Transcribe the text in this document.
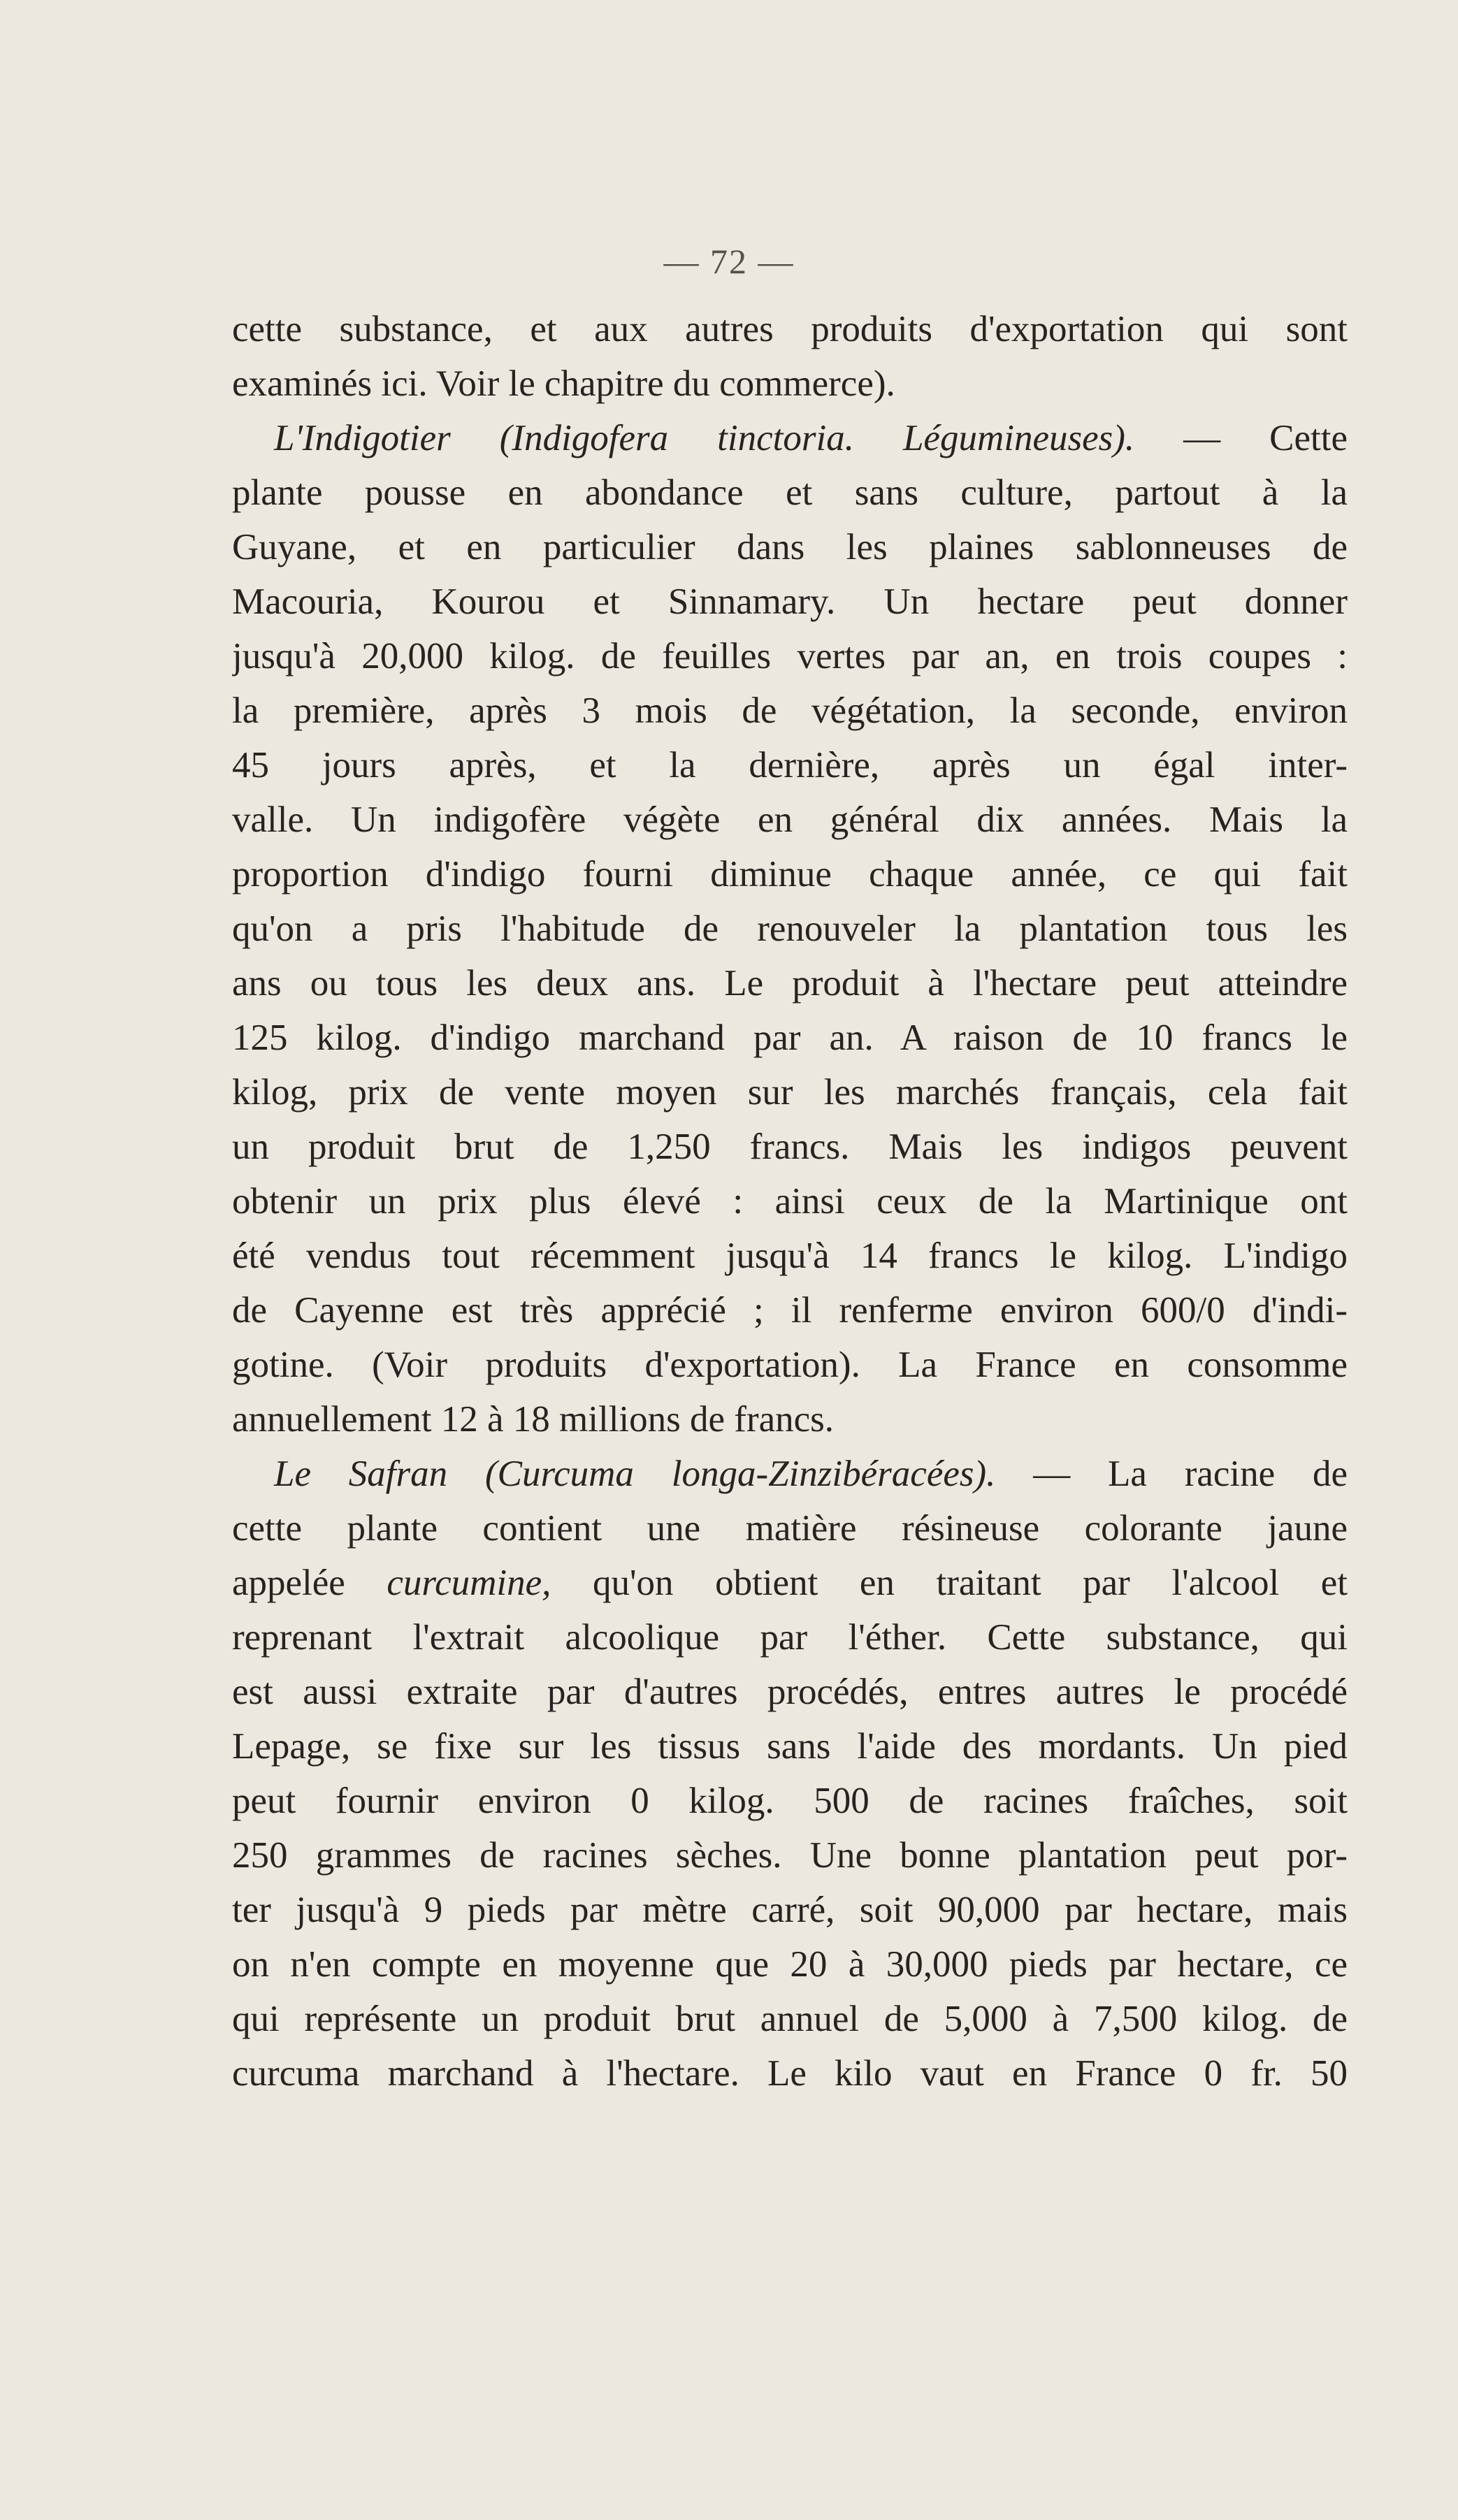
— 72 —
cette substance, et aux autres produits d'exportation qui sont
examinés ici. Voir le chapitre du commerce).
L'Indigotier (Indigofera tinctoria. Légumineuses). — Cette
plante pousse en abondance et sans culture, partout à la
Guyane, et en particulier dans les plaines sablonneuses de
Macouria, Kourou et Sinnamary. Un hectare peut donner
jusqu'à 20,000 kilog. de feuilles vertes par an, en trois coupes :
la première, après 3 mois de végétation, la seconde, environ
45 jours après, et la dernière, après un égal inter-
valle. Un indigofère végète en général dix années. Mais la
proportion d'indigo fourni diminue chaque année, ce qui fait
qu'on a pris l'habitude de renouveler la plantation tous les
ans ou tous les deux ans. Le produit à l'hectare peut atteindre
125 kilog. d'indigo marchand par an. A raison de 10 francs le
kilog, prix de vente moyen sur les marchés français, cela fait
un produit brut de 1,250 francs. Mais les indigos peuvent
obtenir un prix plus élevé : ainsi ceux de la Martinique ont
été vendus tout récemment jusqu'à 14 francs le kilog. L'indigo
de Cayenne est très apprécié ; il renferme environ 600/0 d'indi-
gotine. (Voir produits d'exportation). La France en consomme
annuellement 12 à 18 millions de francs.
Le Safran (Curcuma longa-Zinzibéracées). — La racine de
cette plante contient une matière résineuse colorante jaune
appelée curcumine, qu'on obtient en traitant par l'alcool et
reprenant l'extrait alcoolique par l'éther. Cette substance, qui
est aussi extraite par d'autres procédés, entres autres le procédé
Lepage, se fixe sur les tissus sans l'aide des mordants. Un pied
peut fournir environ 0 kilog. 500 de racines fraîches, soit
250 grammes de racines sèches. Une bonne plantation peut por-
ter jusqu'à 9 pieds par mètre carré, soit 90,000 par hectare, mais
on n'en compte en moyenne que 20 à 30,000 pieds par hectare, ce
qui représente un produit brut annuel de 5,000 à 7,500 kilog. de
curcuma marchand à l'hectare. Le kilo vaut en France 0 fr. 50
